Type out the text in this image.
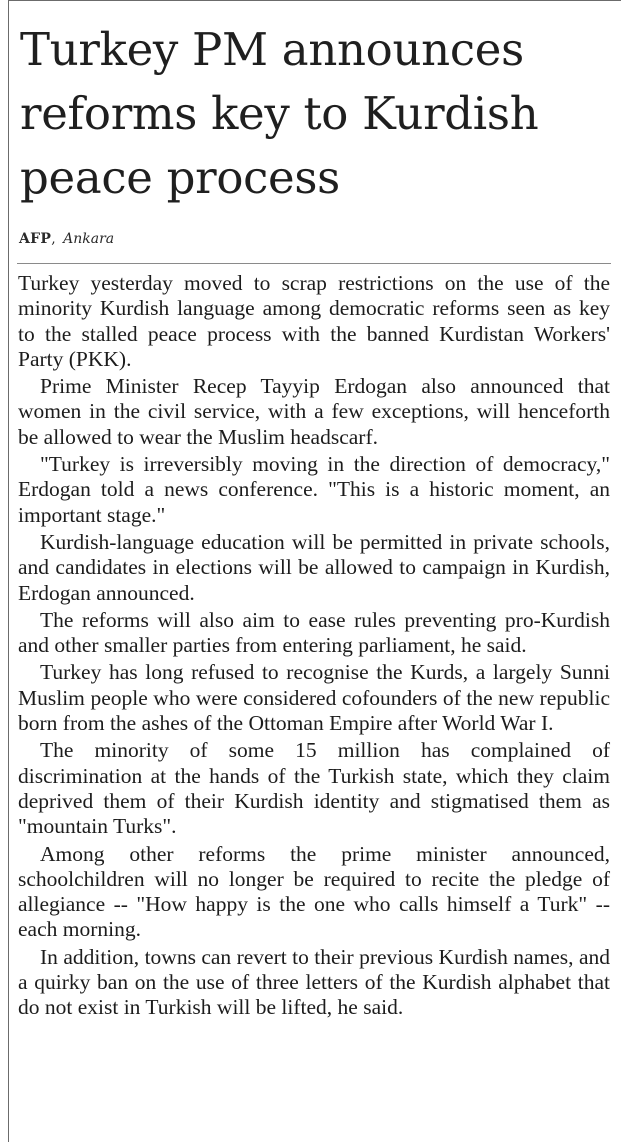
Turkey PM announces
reforms key to Kurdish
peace process
AFP, Ankara

Turkey yesterday moved to scrap restrictions on the use of the minority Kurdish language among democratic reforms seen as key to the stalled peace process with the banned Kurdistan Workers' Party (PKK).

Prime Minister Recep Tayyip Erdogan also announced that women in the civil service, with a few exceptions, will henceforth be allowed to wear the Muslim headscarf.

"Turkey is irreversibly moving in the direction of democracy," Erdogan told a news conference. "This is a historic moment, an important stage."

Kurdish-language education will be permitted in private schools, and candidates in elections will be allowed to campaign in Kurdish, Erdogan announced.

The reforms will also aim to ease rules preventing pro-Kurdish and other smaller parties from entering parliament, he said.

Turkey has long refused to recognise the Kurds, a largely Sunni Muslim people who were considered cofounders of the new republic born from the ashes of the Ottoman Empire after World War I.

The minority of some 15 million has complained of discrimination at the hands of the Turkish state, which they claim deprived them of their Kurdish identity and stigmatised them as "mountain Turks".

Among other reforms the prime minister announced, schoolchildren will no longer be required to recite the pledge of allegiance -- "How happy is the one who calls himself a Turk" -- each morning.

In addition, towns can revert to their previous Kurdish names, and a quirky ban on the use of three letters of the Kurdish alphabet that do not exist in Turkish will be lifted, he said.
